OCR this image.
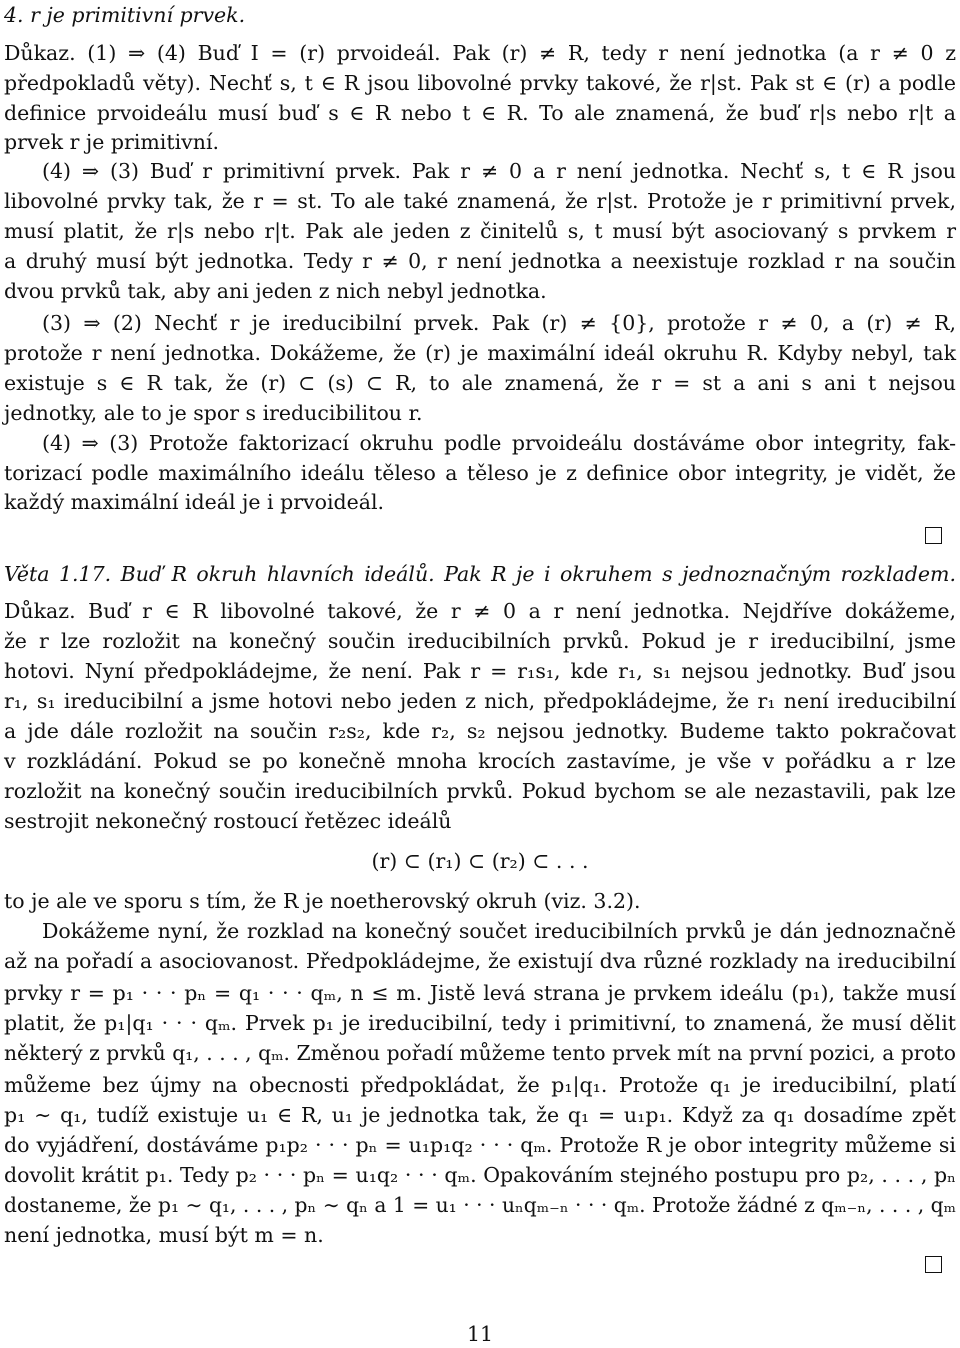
4. r je primitivní prvek.
Důkaz. (1) ⇒ (4) Buď I = (r) prvoideál. Pak (r) ≠ R, tedy r není jednotka (a r ≠ 0 z
předpokladů věty). Nechť s, t ∈ R jsou libovolné prvky takové, že r|st. Pak st ∈ (r) a podle
definice prvoideálu musí buď s ∈ R nebo t ∈ R. To ale znamená, že buď r|s nebo r|t a
prvek r je primitivní.
(4) ⇒ (3) Buď r primitivní prvek. Pak r ≠ 0 a r není jednotka. Nechť s, t ∈ R jsou
libovolné prvky tak, že r = st. To ale také znamená, že r|st. Protože je r primitivní prvek,
musí platit, že r|s nebo r|t. Pak ale jeden z činitelů s, t musí být asociovaný s prvkem r
a druhý musí být jednotka. Tedy r ≠ 0, r není jednotka a neexistuje rozklad r na součin
dvou prvků tak, aby ani jeden z nich nebyl jednotka.
(3) ⇒ (2) Nechť r je ireducibilní prvek. Pak (r) ≠ {0}, protože r ≠ 0, a (r) ≠ R,
protože r není jednotka. Dokážeme, že (r) je maximální ideál okruhu R. Kdyby nebyl, tak
existuje s ∈ R tak, že (r) ⊂ (s) ⊂ R, to ale znamená, že r = st a ani s ani t nejsou
jednotky, ale to je spor s ireducibilitou r.
(4) ⇒ (3) Protože faktorizací okruhu podle prvoideálu dostáváme obor integrity, fak-
torizací podle maximálního ideálu těleso a těleso je z definice obor integrity, je vidět, že
každý maximální ideál je i prvoideál.
Věta 1.17. Buď R okruh hlavních ideálů. Pak R je i okruhem s jednoznačným rozkladem.
Důkaz. Buď r ∈ R libovolné takové, že r ≠ 0 a r není jednotka. Nejdříve dokážeme,
že r lze rozložit na konečný součin ireducibilních prvků. Pokud je r ireducibilní, jsme
hotovi. Nyní předpokládejme, že není. Pak r = r₁s₁, kde r₁, s₁ nejsou jednotky. Buď jsou
r₁, s₁ ireducibilní a jsme hotovi nebo jeden z nich, předpokládejme, že r₁ není ireducibilní
a jde dále rozložit na součin r₂s₂, kde r₂, s₂ nejsou jednotky. Budeme takto pokračovat
v rozkládání. Pokud se po konečně mnoha krocích zastavíme, je vše v pořádku a r lze
rozložit na konečný součin ireducibilních prvků. Pokud bychom se ale nezastavili, pak lze
sestrojit nekonečný rostoucí řetězec ideálů
(r) ⊂ (r₁) ⊂ (r₂) ⊂ . . .
to je ale ve sporu s tím, že R je noetherovský okruh (viz. 3.2).
Dokážeme nyní, že rozklad na konečný součet ireducibilních prvků je dán jednoznačně
až na pořadí a asociovanost. Předpokládejme, že existují dva různé rozklady na ireducibilní
prvky r = p₁ · · · pₙ = q₁ · · · qₘ, n ≤ m. Jistě levá strana je prvkem ideálu (p₁), takže musí
platit, že p₁|q₁ · · · qₘ. Prvek p₁ je ireducibilní, tedy i primitivní, to znamená, že musí dělit
některý z prvků q₁, . . . , qₘ. Změnou pořadí můžeme tento prvek mít na první pozici, a proto
můžeme bez újmy na obecnosti předpokládat, že p₁|q₁. Protože q₁ je ireducibilní, platí
p₁ ∼ q₁, tudíž existuje u₁ ∈ R, u₁ je jednotka tak, že q₁ = u₁p₁. Když za q₁ dosadíme zpět
do vyjádření, dostáváme p₁p₂ · · · pₙ = u₁p₁q₂ · · · qₘ. Protože R je obor integrity můžeme si
dovolit krátit p₁. Tedy p₂ · · · pₙ = u₁q₂ · · · qₘ. Opakováním stejného postupu pro p₂, . . . , pₙ
dostaneme, že p₁ ∼ q₁, . . . , pₙ ∼ qₙ a 1 = u₁ · · · uₙqₘ₋ₙ · · · qₘ. Protože žádné z qₘ₋ₙ, . . . , qₘ
není jednotka, musí být m = n.
11
